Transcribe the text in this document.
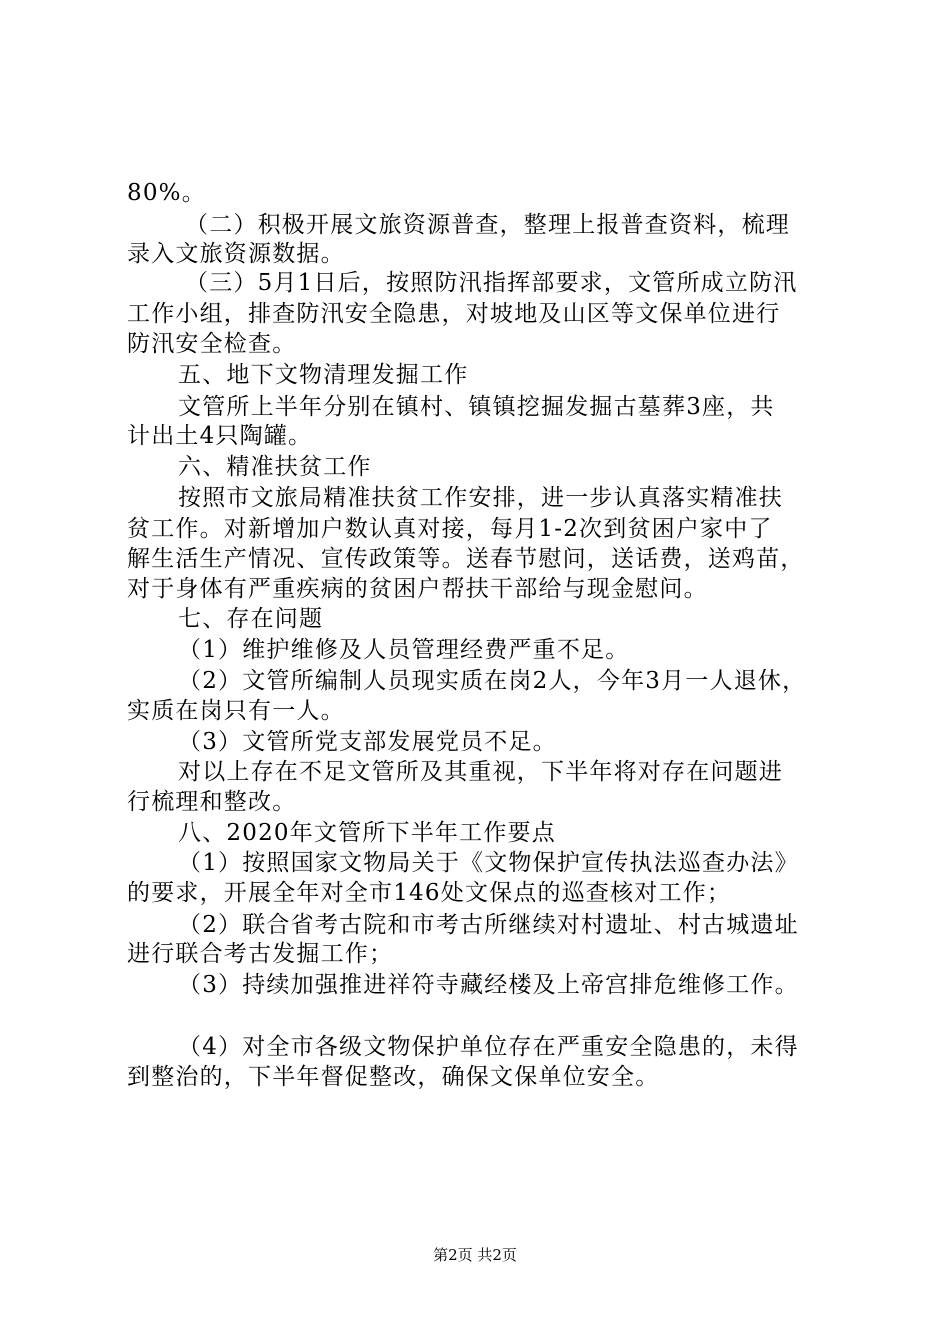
80%。
（二）积极开展文旅资源普查，整理上报普查资料，梳理
录入文旅资源数据。
（三）5月1日后，按照防汛指挥部要求，文管所成立防汛
工作小组，排查防汛安全隐患，对坡地及山区等文保单位进行
防汛安全检查。
五、地下文物清理发掘工作
文管所上半年分别在镇村、镇镇挖掘发掘古墓葬3座，共
计出土4只陶罐。
六、精准扶贫工作
按照市文旅局精准扶贫工作安排，进一步认真落实精准扶
贫工作。对新增加户数认真对接，每月1-2次到贫困户家中了
解生活生产情况、宣传政策等。送春节慰问，送话费，送鸡苗，
对于身体有严重疾病的贫困户帮扶干部给与现金慰问。
七、存在问题
（1）维护维修及人员管理经费严重不足。
（2）文管所编制人员现实质在岗2人，今年3月一人退休，
实质在岗只有一人。
（3）文管所党支部发展党员不足。
对以上存在不足文管所及其重视，下半年将对存在问题进
行梳理和整改。
八、2020年文管所下半年工作要点
（1）按照国家文物局关于《文物保护宣传执法巡查办法》
的要求，开展全年对全市146处文保点的巡查核对工作；
（2）联合省考古院和市考古所继续对村遗址、村古城遗址
进行联合考古发掘工作；
（3）持续加强推进祥符寺藏经楼及上帝宫排危维修工作。
（4）对全市各级文物保护单位存在严重安全隐患的，未得
到整治的，下半年督促整改，确保文保单位安全。
第2页 共2页
